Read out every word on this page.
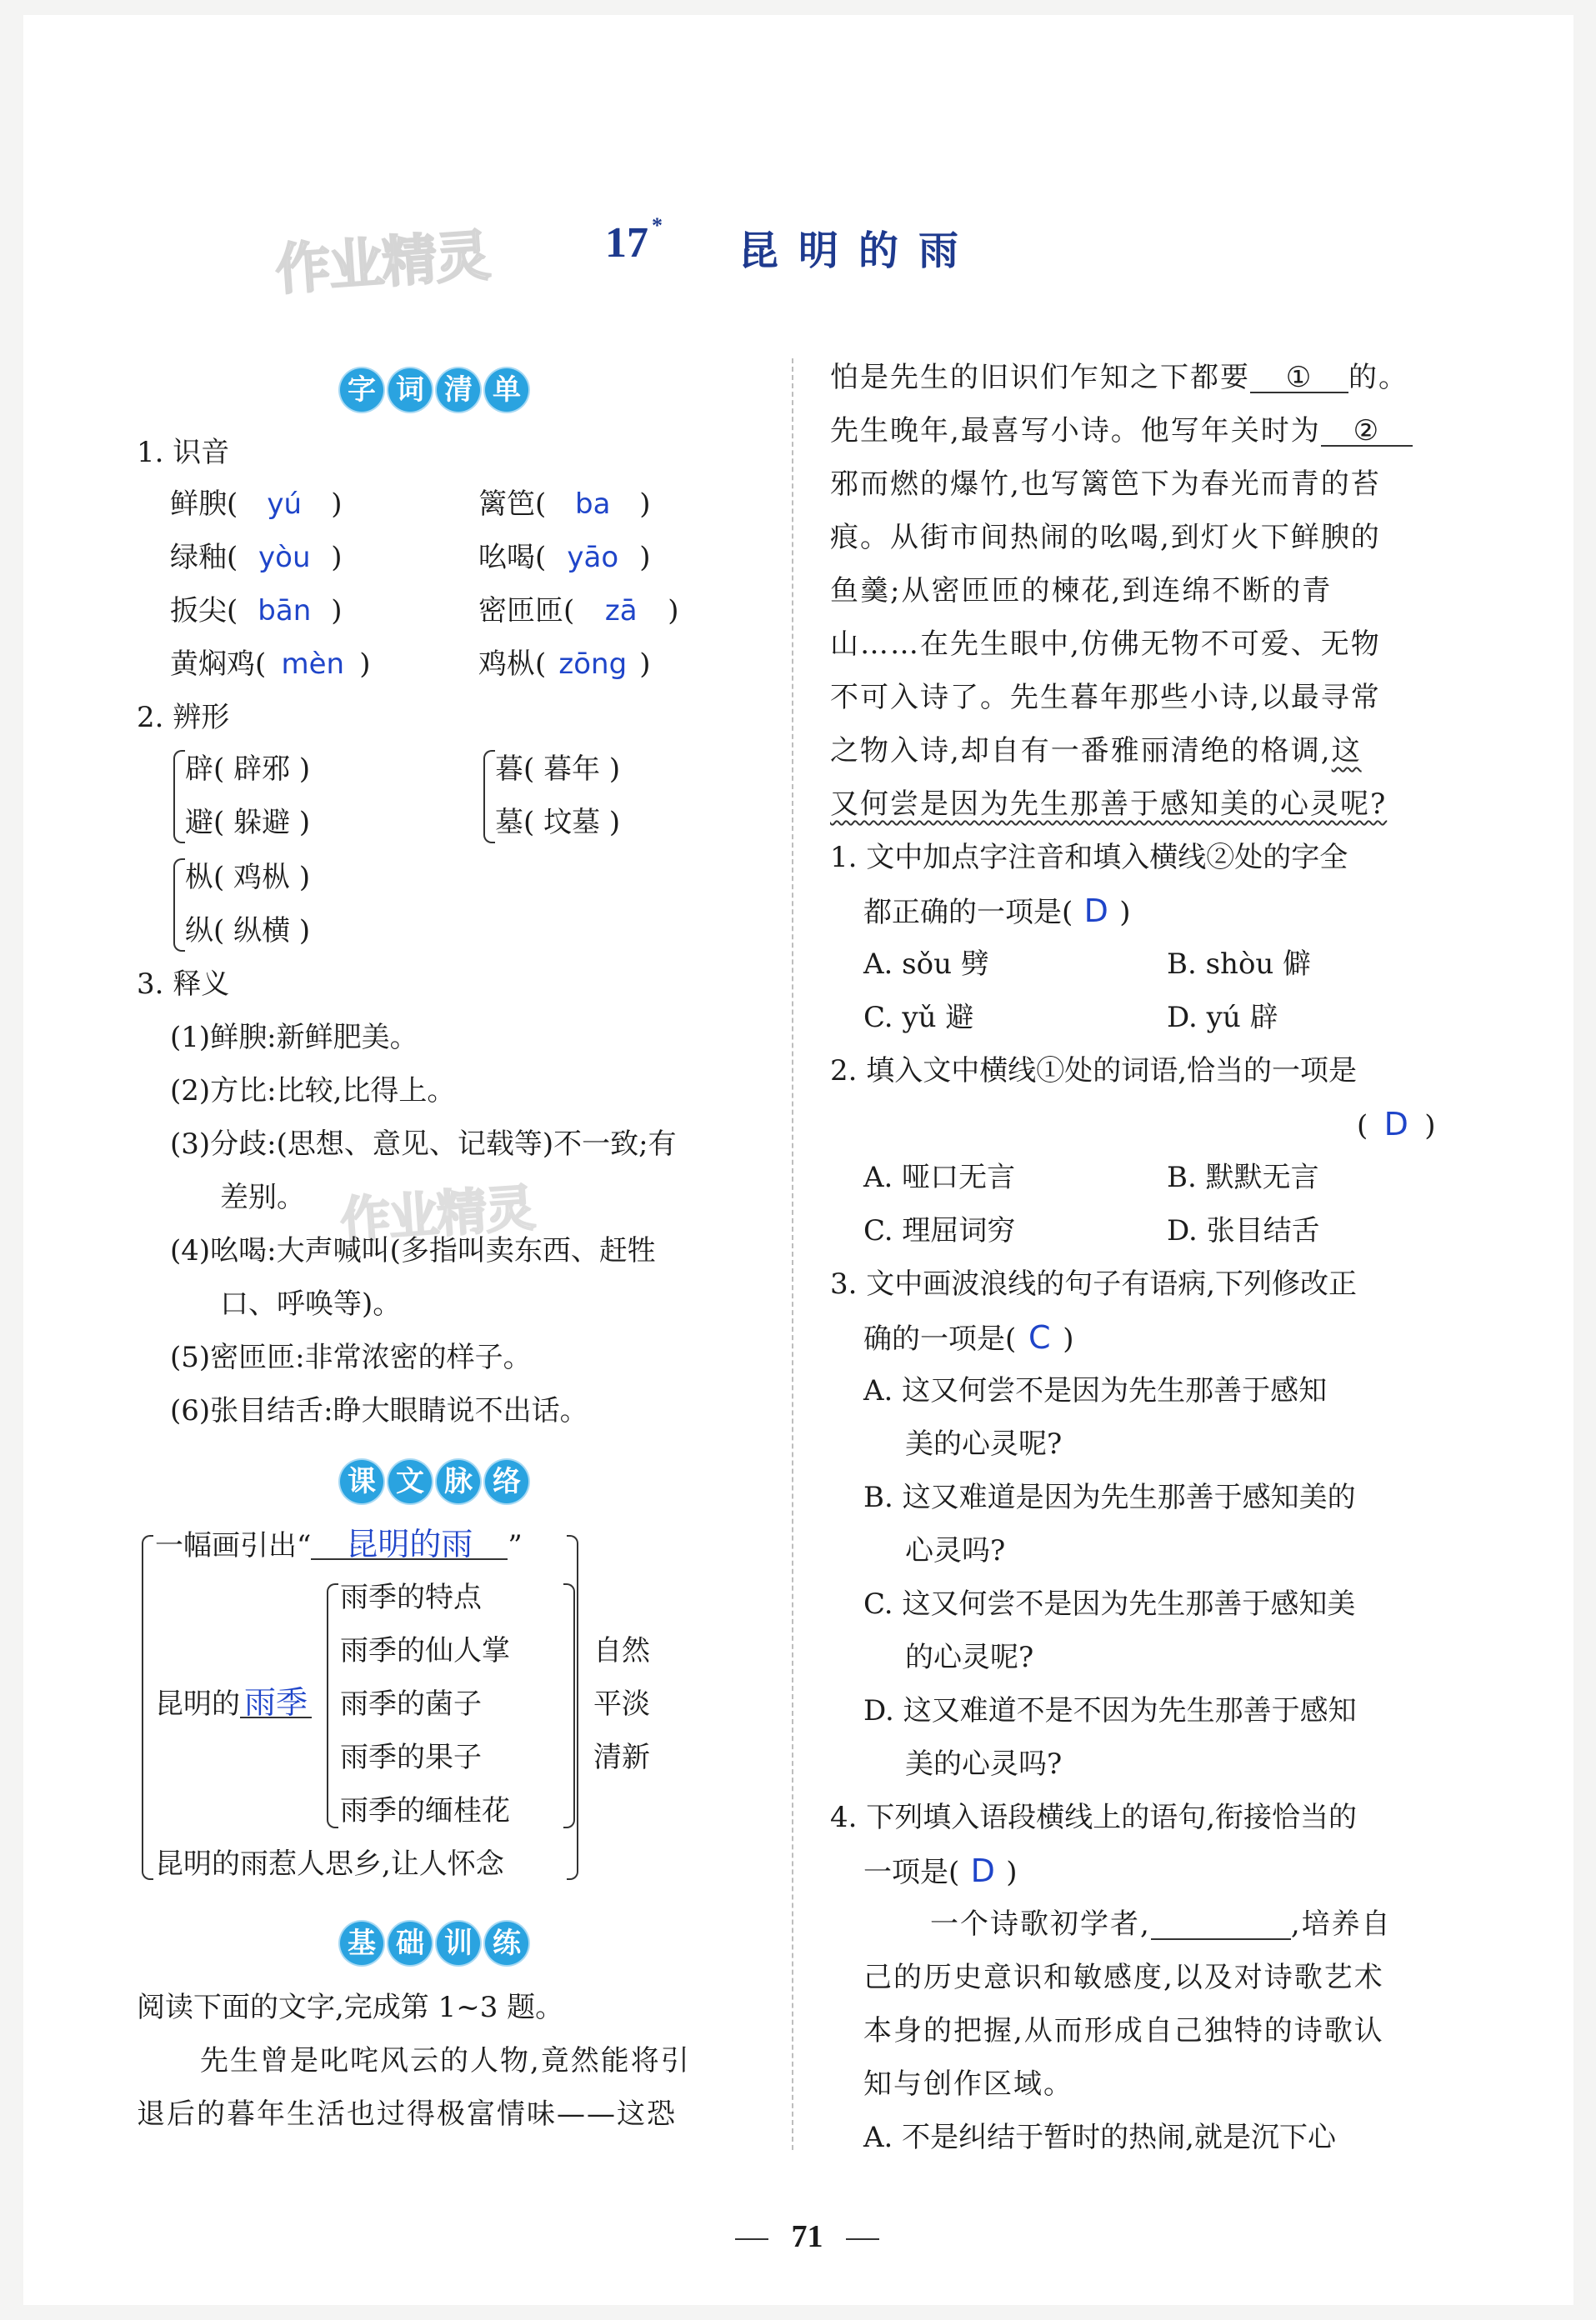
作业精灵	17 *
昆明的雨
字 词 清 单
1. 识音
鲜腴( yú )	篱笆( ba )
绿釉( yòu )	吆喝( yāo )
扳尖( bān )	密匝匝( zā )
黄焖鸡( mèn )	鸡枞( zōng )
2. 辨形
辟( 辟邪 )
避( 躲避 )
暮( 暮年 )
墓( 坟墓 )
枞( 鸡枞 )
纵( 纵横 )
3. 释义
(1)鲜腴:新鲜肥美。
(2)方比:比较,比得上。
(3)分歧:(思想、意见、记载等)不一致;有
差别。 作业精灵
(4)吆喝:大声喊叫(多指叫卖东西、赶牲
口、呼唤等)。
(5)密匝匝:非常浓密的样子。
(6)张目结舌:睁大眼睛说不出话。
课 文 脉 络
一幅画引出“ 昆明的雨 ”
昆明的 雨季
雨季的特点
雨季的仙人掌
雨季的菌子
雨季的果子
雨季的缅桂花
自然
平淡
清新
昆明的雨惹人思乡,让人怀念
基 础 训 练
阅读下面的文字,完成第 1~3 题。
先生曾是叱咤风云的人物,竟然能将引
退后的暮年生活也过得极富情味——这恐
怕是先生的旧识们乍知之下都要 ① 的。
先生晚年,最喜写小诗。他写年关时为 ②
邪而燃的爆竹,也写篱笆下为春光而青的苔
痕。从街市间热闹的吆喝,到灯火下鲜腴的
鱼羹;从密匝匝的楝花,到连绵不断的青
山……在先生眼中,仿佛无物不可爱、无物
不可入诗了。先生暮年那些小诗,以最寻常
之物入诗,却自有一番雅丽清绝的格调,这
又何尝是因为先生那善于感知美的心灵呢?
1. 文中加点字注音和填入横线②处的字全
都正确的一项是( D )
A. sǒu 劈	B. shòu 僻
C. yǔ 避	D. yú 辟
2. 填入文中横线①处的词语,恰当的一项是
( D )
A. 哑口无言	B. 默默无言
C. 理屈词穷	D. 张目结舌
3. 文中画波浪线的句子有语病,下列修改正
确的一项是( C )
A. 这又何尝不是因为先生那善于感知
美的心灵呢?
B. 这又难道是因为先生那善于感知美的
心灵吗?
C. 这又何尝不是因为先生那善于感知美
的心灵呢?
D. 这又难道不是不因为先生那善于感知
美的心灵吗?
4. 下列填入语段横线上的语句,衔接恰当的
一项是( D )
一个诗歌初学者,	,培养自
己的历史意识和敏感度,以及对诗歌艺术
本身的把握,从而形成自己独特的诗歌认
知与创作区域。
A. 不是纠结于暂时的热闹,就是沉下心
71
